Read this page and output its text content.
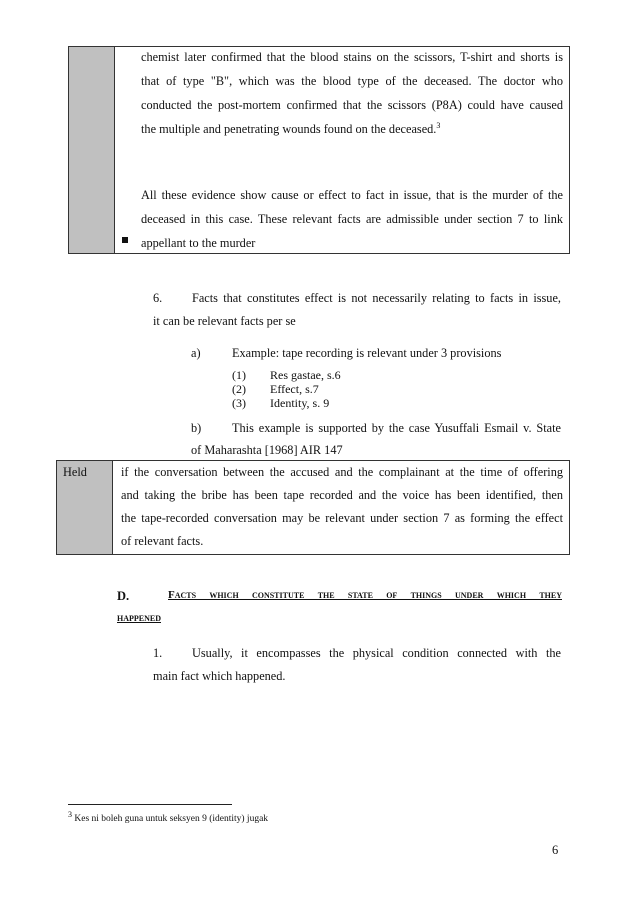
chemist later confirmed that the blood stains on the scissors, T-shirt and shorts is
that of type "B", which was the blood type of the deceased. The doctor who
conducted the post-mortem confirmed that the scissors (P8A) could have caused
the multiple and penetrating wounds found on the deceased.$^3$
All these evidence show cause or effect to fact in issue, that is the murder of the
deceased in this case. These relevant facts are admissible under section 7 to link
appellant to the murder
6. Facts that constitutes effect is not necessarily relating to facts in issue,
it can be relevant facts per se
a)	Example: tape recording is relevant under 3 provisions
(1) Res gastae, s.6
(2) Effect, s.7
(3) Identity, s. 9
b)	This example is supported by the case Yusuffali Esmail v. State
of Maharashta [1968] AIR 147
Held	if the conversation between the accused and the complainant at the time of offering
and taking the bribe has been tape recorded and the voice has been identified, then
the tape-recorded conversation may be relevant under section 7 as forming the effect
of relevant facts.
D.	Facts which constitute the state of things under which they
happened
1. Usually, it encompasses the physical condition connected with the
main fact which happened.
$^3$ Kes ni boleh guna untuk seksyen 9 (identity) jugak
6
